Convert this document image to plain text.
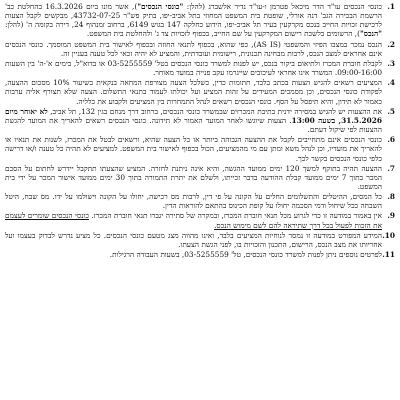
1.
כונסי הנכסים עו"ד הדר מיכאל פטרמן ו-עו"ד נדיר אלשברג (להלן: "כונסי הנכסים"), אשר מונו ביום 16.3.2026 בהחלטת כב' הרשמת הבכירה הגב' דנה אורלי, שופטת בית המשפט המחוזי בתל אביב-יפו, בתיק פש"ר 43732-07-25, מבקשים לקבל הצעות לרכישת זכויות החייב בנכס מקרקעין בעיר תל אביב-יפו, הידוע כחלקה 147 בגוש 6149, ברחוב זמנהוף 24, דירה בקומה ה' (להלן: "הנכס"), הרשומים בלשכת רישום המקרקעין על שם החייב, בכפוף לזכויות צד ג' ולהחלטת בית המשפט.
2.
הנכס נמכר במצבו הפיזי והמשפטי (AS IS), כפי שהוא, בכפוף לתנאי החוזה ובכפוף לאישור בית המשפט המוסמך. כונסי הנכסים אינם אחראים למצב הנכס, לרבות מבחינה תכנונית, רישומית ועובדתית, והמציע לא יהיה זכאי לכל טענה בעניין זה.
3.
לקבלת חוברת המכרז ולתיאום ביקור בנכס, יש לפנות למשרד כונסי הנכסים בטל' 03-5255559 או בדוא"ל, בימים א'-ה' בין השעות 09:00-16:00. המשרד אינו אחראי לעיכובים שייגרמו עקב פנייה במועד מאוחר.
4.
המציעים רשאים להגיש הצעות בכתב בלבד, חתומות כדין, כשלכל הצעה מצורפת המחאה בנקאית בשיעור 10% מסכום ההצעה, לפקודת כונסי הנכסים, וכן מסמכים המעידים על זהות המציע ועל יכולתו לעמוד בתנאי התשלום. הצעה שלא תצורף אליה ערבות כאמור לא תידון, והיא תיפסל על הסף. כונסי הנכסים רשאים לנהל התמחרות בין המציעים ולקבוע את כלליה.
5.
את ההצעות יש להגיש במסירה ידנית בתיבת המכרזים שבמשרד כונסי הנכסים, ברחוב דרך מנחם בגין 132, תל אביב, לא יאוחר מיום 31.5.2026, בשעה 13:00. הצעות שיוגשו לאחר המועד האמור לא תידונה. כונסי הנכסים רשאים להאריך את המועד להגשת ההצעות לפי שיקול דעתם.
6.
כונסי הנכסים אינם מתחייבים לקבל את ההצעה הגבוהה ביותר או כל הצעה שהיא, ורשאים לבטל את המכרז, לשנות את תנאיו או להאריך את מועדיו, וכן לנהל משא ומתן עם מי מהמציעים, הכול בכפוף לאישור בית המשפט. למציעים לא תהיה כל טענה ו/או דרישה כלפי כונסי הנכסים בקשר לכך.
7.
ההצעה תהיה בתוקף למשך 120 ימים ממועד ההגשה, והיא אינה ניתנת לחזרה. המציע שהצעתו תתקבל יידרש לחתום על הסכם המכר בתוך 7 ימים ממועד קבלת ההודעה בדבר זכייתו, ולשלם את יתרת התמורה בתוך 30 ימים ממועד אישור המכר על ידי בית המשפט.
8.
כל המסים, ההיטלים והתשלומים החלים על הקונה על פי דין, לרבות מס רכישה, יחולו על הקונה וישולמו על ידו. מס שבח, היטל השבחה ככל שיחול ודמי הסכמה יחולו על קופת הכינוס בהתאם להוראות הדין.
9.
אין באמור במודעה זו כדי לגרוע מכל תנאי חוברת המכרז, ובמקרה של סתירה יגברו תנאי חוברת המכרז. כונסי הנכסים שומרים לעצמם את הזכות לפעול בכל דרך שתיראה להם לשם מימוש הנכס.
10.
המידע המפורט במודעה זו נמסר לנוחיות המציעים בלבד, ואינו מהווה מצג מטעם כונסי הנכסים. כל מציע נדרש לבדוק בעצמו ועל אחריותו את מצב הנכס, הרישום, התכנון והזכויות בו, לפני הגשת הצעתו.
11.
לפרטים נוספים ניתן לפנות למשרד כונסי הנכסים, טל' 03-5255559, בשעות העבודה הרגילות.
